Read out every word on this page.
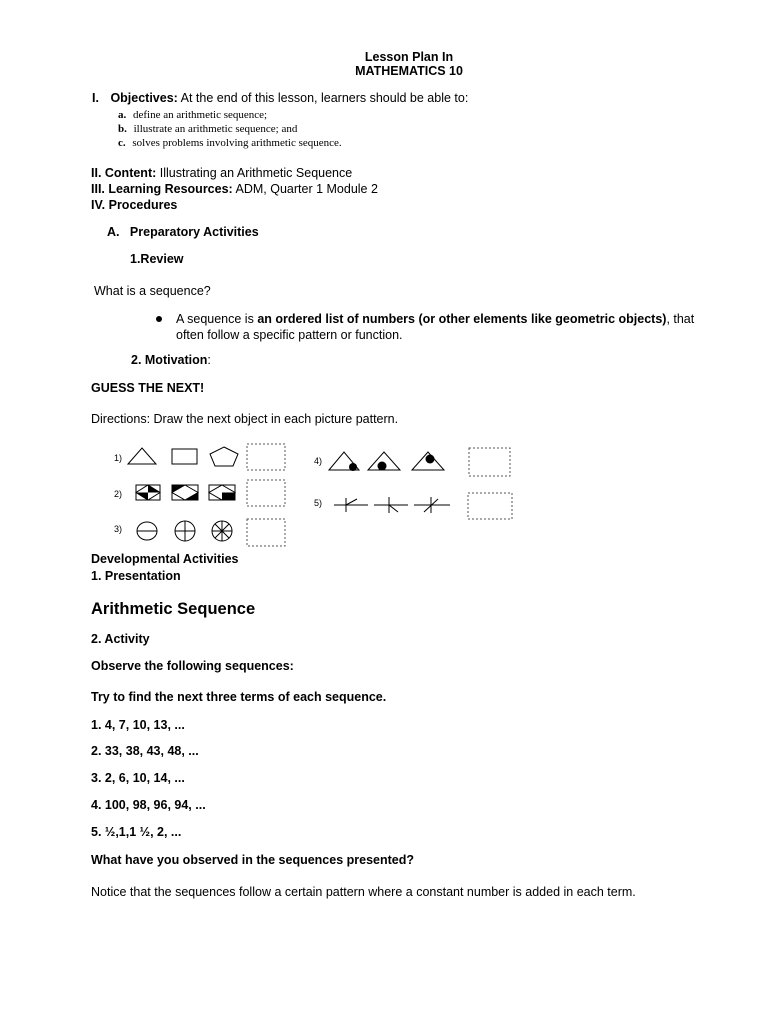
Lesson Plan In
MATHEMATICS 10
I. Objectives: At the end of this lesson, learners should be able to:
a. define an arithmetic sequence;
b. illustrate an arithmetic sequence; and
c. solves problems involving arithmetic sequence.
II. Content: Illustrating an Arithmetic Sequence
III. Learning Resources: ADM, Quarter 1 Module 2
IV. Procedures
A.   Preparatory Activities
1.Review
What is a sequence?
A sequence is an ordered list of numbers (or other elements like geometric objects), that often follow a specific pattern or function.
2. Motivation:
GUESS THE NEXT!
Directions: Draw the next object in each picture pattern.
1)
2)
3)
4)
5)
Developmental Activities
1. Presentation
Arithmetic Sequence
2. Activity
Observe the following sequences:
Try to find the next three terms of each sequence.
1. 4, 7, 10, 13, ...
2. 33, 38, 43, 48, ...
3. 2, 6, 10, 14, ...
4. 100, 98, 96, 94, ...
5. ½,1,1 ½, 2, ...
What have you observed in the sequences presented?
Notice that the sequences follow a certain pattern where a constant number is added in each term.
